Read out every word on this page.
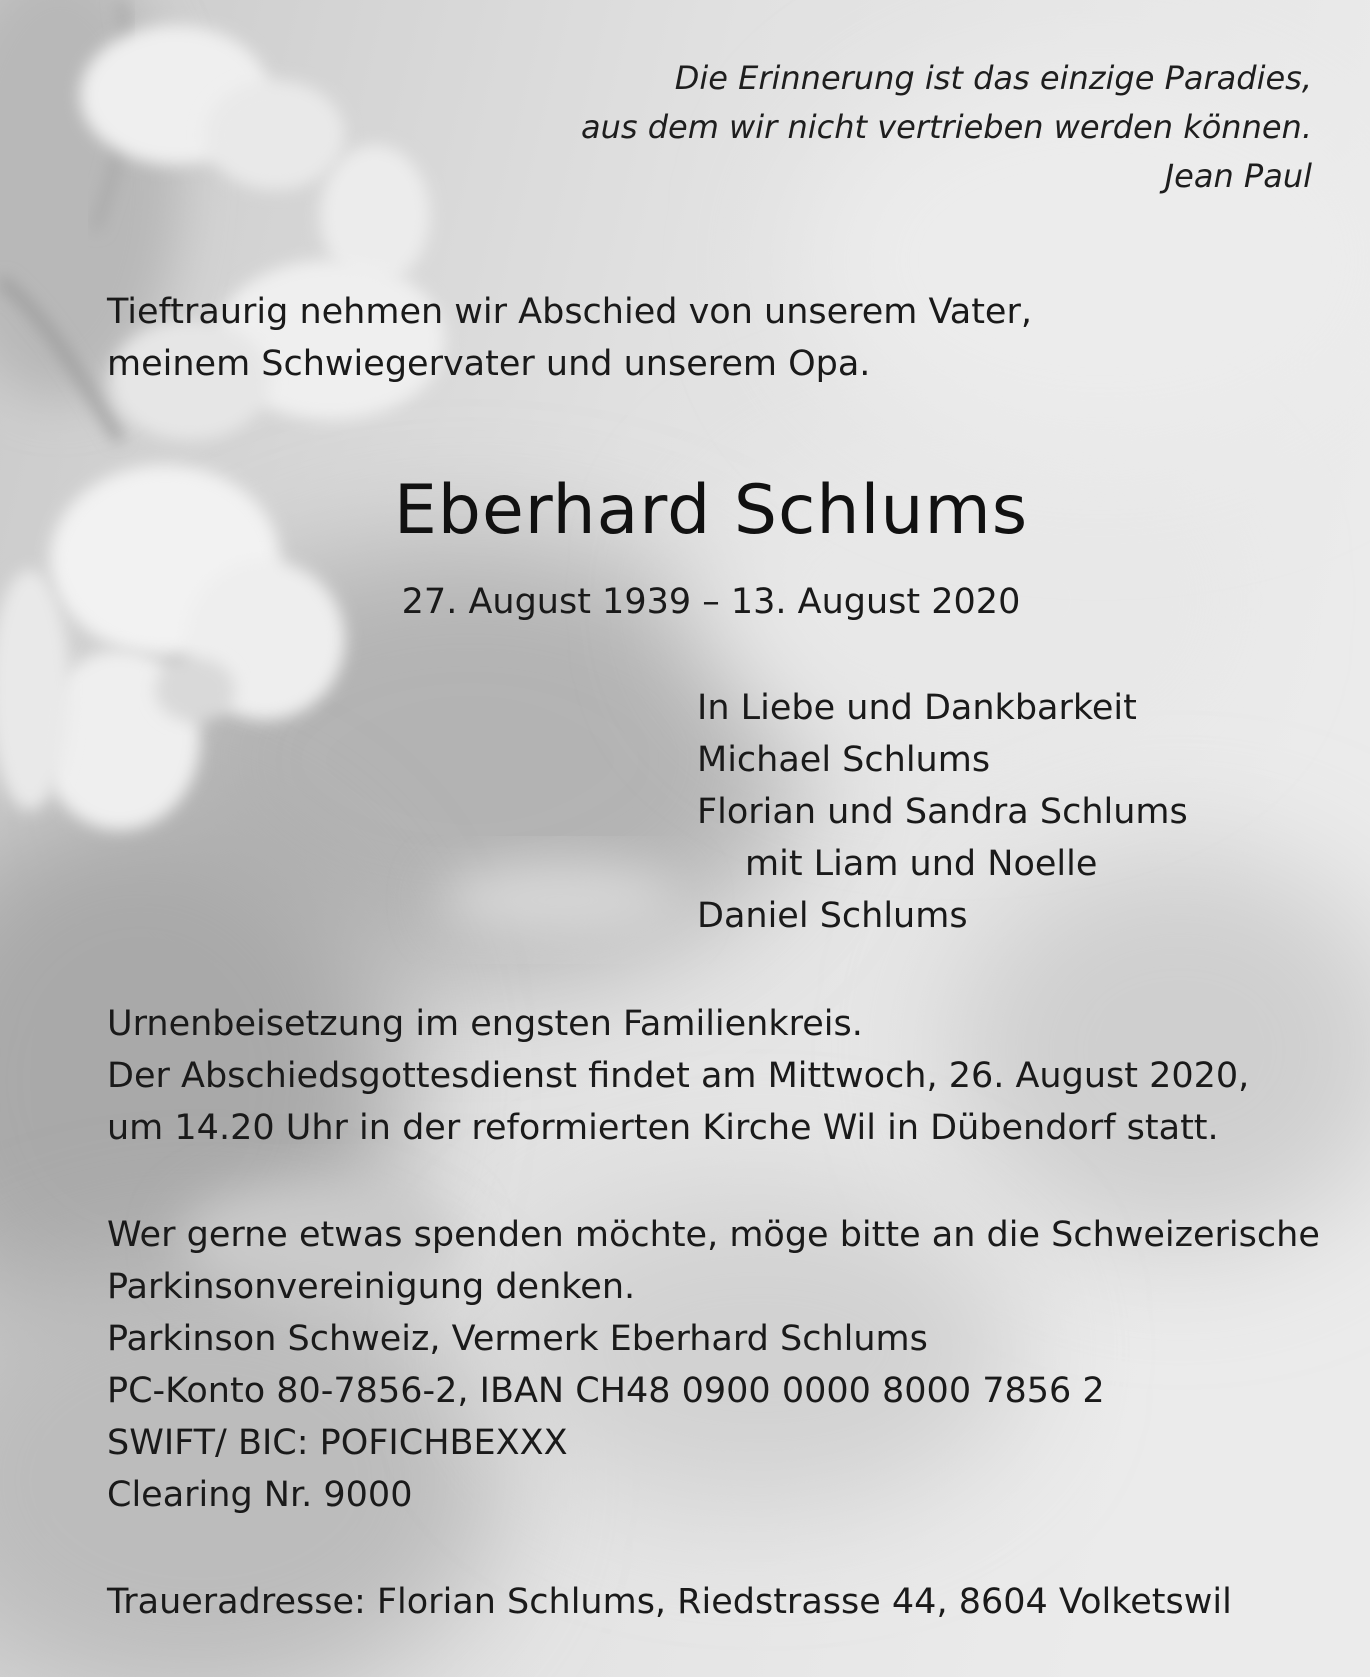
Die Erinnerung ist das einzige Paradies,
aus dem wir nicht vertrieben werden können.
Jean Paul
Tieftraurig nehmen wir Abschied von unserem Vater,
meinem Schwiegervater und unserem Opa.
Eberhard Schlums
27. August 1939 – 13. August 2020
In Liebe und Dankbarkeit
Michael Schlums
Florian und Sandra Schlums
mit Liam und Noelle
Daniel Schlums
Urnenbeisetzung im engsten Familienkreis.
Der Abschiedsgottesdienst findet am Mittwoch, 26. August 2020,
um 14.20 Uhr in der reformierten Kirche Wil in Dübendorf statt.
Wer gerne etwas spenden möchte, möge bitte an die Schweizerische
Parkinsonvereinigung denken.
Parkinson Schweiz, Vermerk Eberhard Schlums
PC-Konto 80-7856-2, IBAN CH48 0900 0000 8000 7856 2
SWIFT/ BIC: POFICHBEXXX
Clearing Nr. 9000
Traueradresse: Florian Schlums, Riedstrasse 44, 8604 Volketswil
